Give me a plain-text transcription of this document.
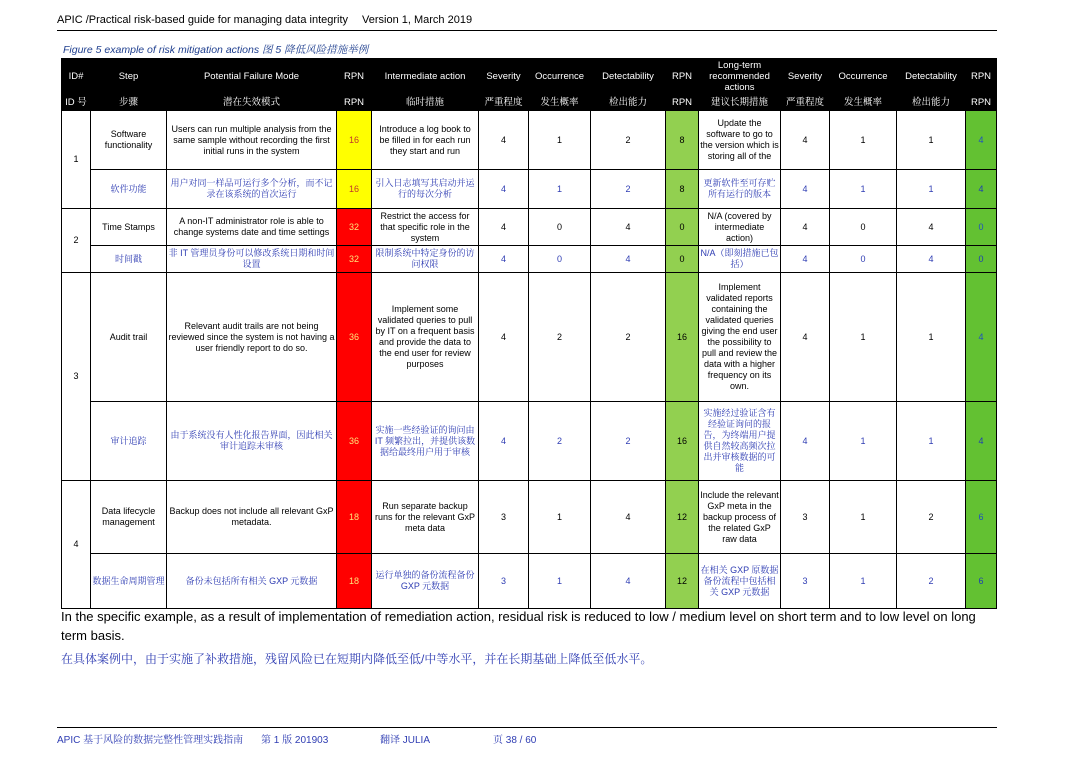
APIC /Practical risk-based guide for managing data integrity Version 1, March 2019
Figure 5 example of risk mitigation actions 图 5 降低风险措施举例
ID#	Step	Potential Failure Mode	RPN	Intermediate action	Severity	Occurrence	Detectability	RPN	Long-term recommended actions	Severity	Occurrence	Detectability	RPN
ID 号	步骤	潜在失效模式	RPN	临时措施	严重程度	发生概率	检出能力	RPN	建议长期措施	严重程度	发生概率	检出能力	RPN
1	Software functionality	Users can run multiple analysis from the same sample without recording the first initial runs in the system	16	Introduce a log book to be filled in for each run they start and run	4	1	2	8	Update the software to go to the version which is storing all of the	4	1	1	4
	软件功能	用户对同一样品可运行多个分析，而不记录在该系统的首次运行	16	引入日志填写其启动并运行的每次分析	4	1	2	8	更新软件至可存贮所有运行的版本	4	1	1	4
2	Time Stamps	A non-IT administrator role is able to change systems date and time settings	32	Restrict the access for that specific role in the system	4	0	4	0	N/A (covered by intermediate action)	4	0	4	0
	时间戳	非 IT 管理员身份可以修改系统日期和时间设置	32	限制系统中特定身份的访问权限	4	0	4	0	N/A（即刻措施已包括）	4	0	4	0
3	Audit trail	Relevant audit trails are not being reviewed since the system is not having a user friendly report to do so.	36	Implement some validated queries to pull by IT on a frequent basis and provide the data to the end user for review purposes	4	2	2	16	Implement validated reports containing the validated queries giving the end user the possibility to pull and review the data with a higher frequency on its own.	4	1	1	4
	审计追踪	由于系统没有人性化报告界面，因此相关审计追踪未审核	36	实施一些经验证的询问由 IT 频繁拉出，并提供该数据给最终用户用于审核	4	2	2	16	实施经过验证含有经验证询问的报告，为终端用户提供自然较高频次拉出并审核数据的可能	4	1	1	4
4	Data lifecycle management	Backup does not include all relevant GxP metadata.	18	Run separate backup runs for the relevant GxP meta data	3	1	4	12	Include the relevant GxP meta in the backup process of the related GxP raw data	3	1	2	6
	数据生命周期管理	备份未包括所有相关 GXP 元数据	18	运行单独的备份流程备份 GXP 元数据	3	1	4	12	在相关 GXP 原数据备份流程中包括相关 GXP 元数据	3	1	2	6
In the specific example, as a result of implementation of remediation action, residual risk is reduced to low / medium level on short term and to low level on long term basis.
在具体案例中，由于实施了补救措施，残留风险已在短期内降低至低/中等水平，并在长期基础上降低至低水平。
APIC 基于风险的数据完整性管理实践指南 第 1 版 201903	翻译 JULIA	页 38 / 60
